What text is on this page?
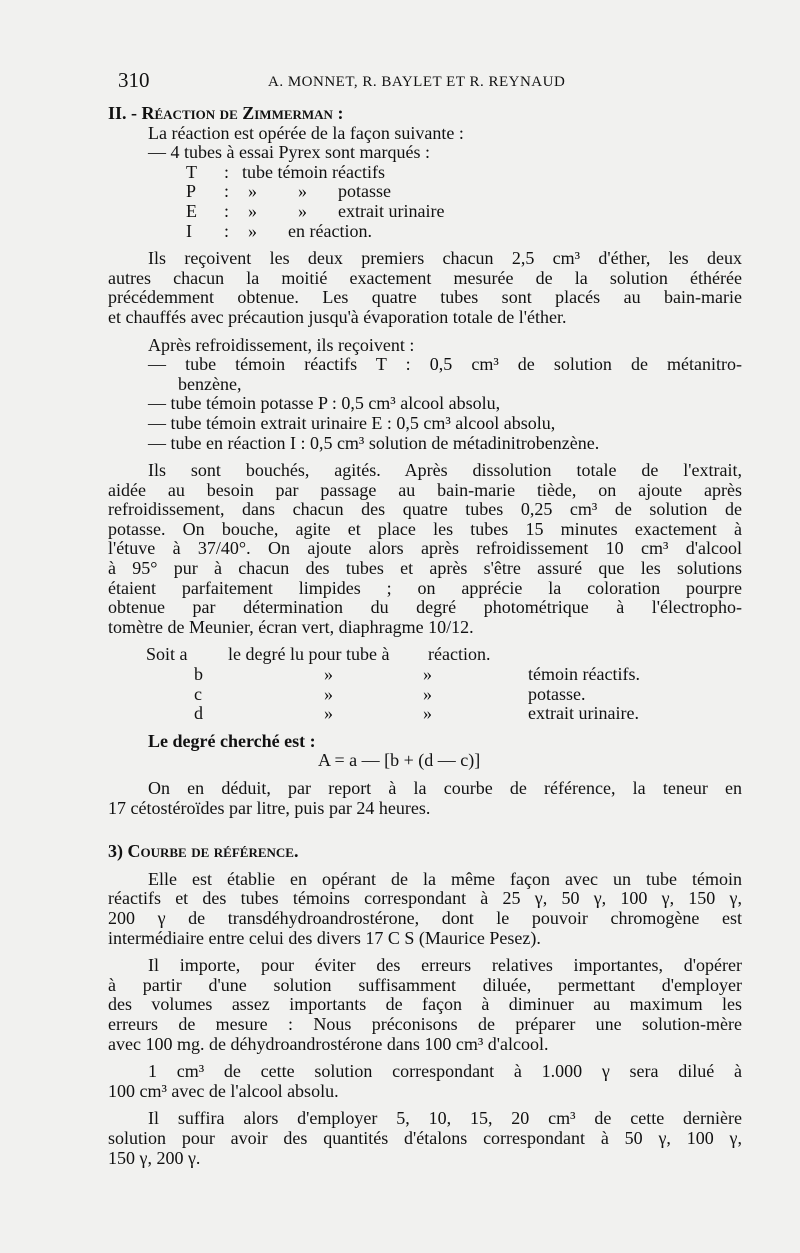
310	A. MONNET, R. BAYLET ET R. REYNAUD
II. - Réaction de Zimmerman :
La réaction est opérée de la façon suivante :
— 4 tubes à essai Pyrex sont marqués :
T	: tube témoin réactifs
P	:	»	»	potasse
E	:	»	»	extrait urinaire
I	:	»	en réaction.
Ils reçoivent les deux premiers chacun 2,5 cm³ d'éther, les deux
autres chacun la moitié exactement mesurée de la solution éthérée
précédemment obtenue. Les quatre tubes sont placés au bain-marie
et chauffés avec précaution jusqu'à évaporation totale de l'éther.
Après refroidissement, ils reçoivent :
— tube témoin réactifs T : 0,5 cm³ de solution de métanitro-
benzène,
— tube témoin potasse P : 0,5 cm³ alcool absolu,
— tube témoin extrait urinaire E : 0,5 cm³ alcool absolu,
— tube en réaction I : 0,5 cm³ solution de métadinitrobenzène.
Ils sont bouchés, agités. Après dissolution totale de l'extrait,
aidée au besoin par passage au bain-marie tiède, on ajoute après
refroidissement, dans chacun des quatre tubes 0,25 cm³ de solution de
potasse. On bouche, agite et place les tubes 15 minutes exactement à
l'étuve à 37/40°. On ajoute alors après refroidissement 10 cm³ d'alcool
à 95° pur à chacun des tubes et après s'être assuré que les solutions
étaient parfaitement limpides ; on apprécie la coloration pourpre
obtenue par détermination du degré photométrique à l'électropho-
tomètre de Meunier, écran vert, diaphragme 10/12.
Soit a	le degré lu pour tube à	réaction.
b	»                    »	témoin réactifs.
c	»                    »	potasse.
d	»                    »	extrait urinaire.
Le degré cherché est :
A = a — [b + (d — c)]
On en déduit, par report à la courbe de référence, la teneur en
17 cétostéroïdes par litre, puis par 24 heures.
3) Courbe de référence.
Elle est établie en opérant de la même façon avec un tube témoin
réactifs et des tubes témoins correspondant à 25 γ, 50 γ, 100 γ, 150 γ,
200 γ de transdéhydroandrostérone, dont le pouvoir chromogène est
intermédiaire entre celui des divers 17 C S (Maurice Pesez).
Il importe, pour éviter des erreurs relatives importantes, d'opérer
à partir d'une solution suffisamment diluée, permettant d'employer
des volumes assez importants de façon à diminuer au maximum les
erreurs de mesure : Nous préconisons de préparer une solution-mère
avec 100 mg. de déhydroandrostérone dans 100 cm³ d'alcool.
1 cm³ de cette solution correspondant à 1.000 γ sera dilué à
100 cm³ avec de l'alcool absolu.
Il suffira alors d'employer 5, 10, 15, 20 cm³ de cette dernière
solution pour avoir des quantités d'étalons correspondant à 50 γ, 100 γ,
150 γ, 200 γ.
